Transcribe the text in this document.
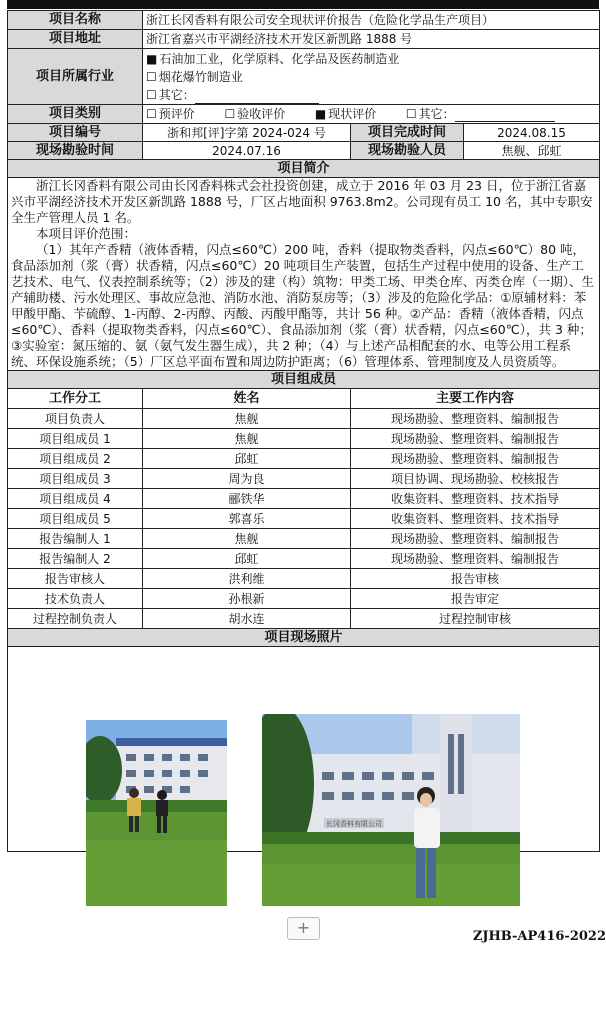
项目名称	浙江长冈香料有限公司安全现状评价报告（危险化学品生产项目）		
项目地址	浙江省嘉兴市平湖经济技术开发区新凯路 1888 号		
项目所属行业	■ 石油加工业，化学原料、化学品及医药制造业
☐ 烟花爆竹制造业
☐ 其它：		

项目类别	☐ 预评价 ☐ 验收评价 ■ 现状评价 ☐ 其它：		
项目编号	浙和邦[评]字第 2024-024 号	项目完成时间	2024.08.15
现场勘验时间	2024.07.16	现场勘验人员	焦舰、邱虹
项目简介			

浙江长冈香料有限公司由长冈香料株式会社投资创建，成立于 2016 年 03 月 23 日，位于浙江省嘉兴市平湖经济技术开发区新凯路 1888 号，厂区占地面积 9763.8m2。公司现有员工 10 名，其中专职安全生产管理人员 1 名。

本项目评价范围：

（1）其年产香精（液体香精，闪点≤60℃）200 吨，香料（提取物类香料，闪点≤60℃）80 吨，食品添加剂（浆（膏）状香精，闪点≤60℃）20 吨项目生产装置，包括生产过程中使用的设备、生产工艺技术、电气、仪表控制系统等；（2）涉及的建（构）筑物：甲类工场、甲类仓库、丙类仓库（一期）、生产辅助楼、污水处理区、事故应急池、消防水池、消防泵房等；（3）涉及的危险化学品：①原辅材料：苯甲酸甲酯、苄硫醇、1-丙醇、2-丙醇、丙酸、丙酸甲酯等，共计 56 种。②产品：香精（液体香精，闪点≤60℃）、香料（提取物类香料，闪点≤60℃）、食品添加剂（浆（膏）状香精，闪点≤60℃），共 3 种；③实验室：氮压缩的、氨（氨气发生器生成），共 2 种；（4）与上述产品相配套的水、电等公用工程系统、环保设施系统；（5）厂区总平面布置和周边防护距离；（6）管理体系、管理制度及人员资质等。			

项目组成员			
工作分工	姓名	主要工作内容	
项目负责人	焦舰	现场勘验、整理资料、编制报告	
项目组成员 1	焦舰	现场勘验、整理资料、编制报告	
项目组成员 2	邱虹	现场勘验、整理资料、编制报告	
项目组成员 3	周为良	项目协调、现场勘验、校核报告	
项目组成员 4	郦铁华	收集资料、整理资料、技术指导	
项目组成员 5	郭喜乐	收集资料、整理资料、技术指导	
报告编制人 1	焦舰	现场勘验、整理资料、编制报告	
报告编制人 2	邱虹	现场勘验、整理资料、编制报告	
报告审核人	洪利维	报告审核	
技术负责人	孙根新	报告审定	
过程控制负责人	胡水连	过程控制审核	
项目现场照片			

长冈香料有限公司
+	ZJHB-AP416-2022
